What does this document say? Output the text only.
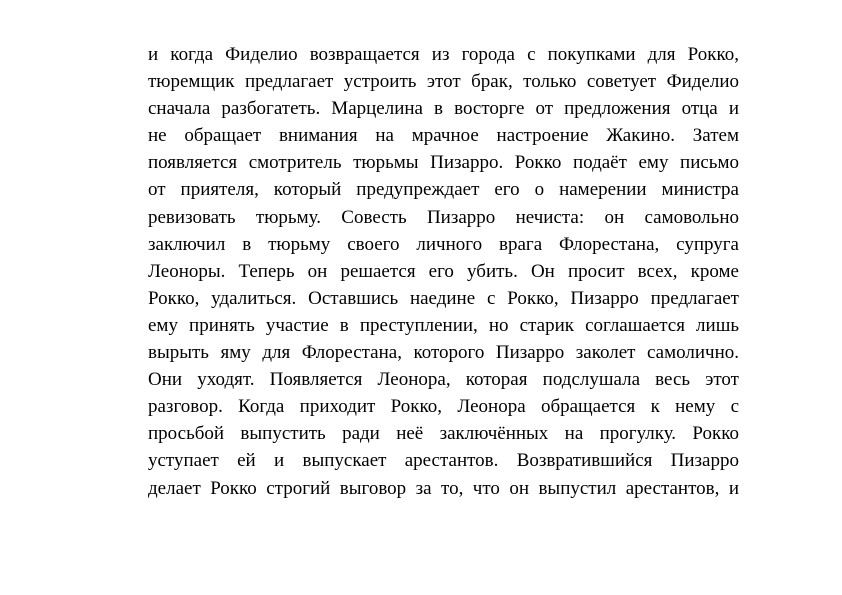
и когда Фиделио возвращается из города с покупками для Рокко,
тюремщик предлагает устроить этот брак, только советует Фиделио
сначала разбогатеть. Марцелина в восторге от предложения отца и
не обращает внимания на мрачное настроение Жакино. Затем
появляется смотритель тюрьмы Пизарро. Рокко подаёт ему письмо
от приятеля, который предупреждает его о намерении министра
ревизовать тюрьму. Совесть Пизарро нечиста: он самовольно
заключил в тюрьму своего личного врага Флорестана, супруга
Леоноры. Теперь он решается его убить. Он просит всех, кроме
Рокко, удалиться. Оставшись наедине с Рокко, Пизарро предлагает
ему принять участие в преступлении, но старик соглашается лишь
вырыть яму для Флорестана, которого Пизарро заколет самолично.
Они уходят. Появляется Леонора, которая подслушала весь этот
разговор. Когда приходит Рокко, Леонора обращается к нему с
просьбой выпустить ради неё заключённых на прогулку. Рокко
уступает ей и выпускает арестантов. Возвратившийся Пизарро
делает Рокко строгий выговор за то, что он выпустил арестантов, и
